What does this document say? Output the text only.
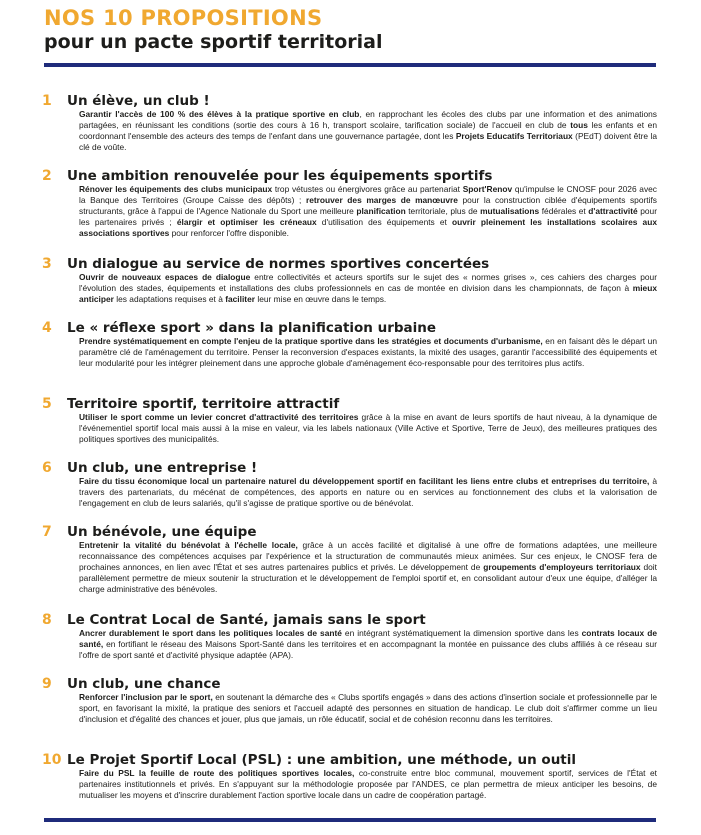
NOS 10 PROPOSITIONS
pour un pacte sportif territorial
1	Un élève, un club !

Garantir l'accès de 100 % des élèves à la pratique sportive en club, en rapprochant les écoles des clubs par une information et des animations partagées, en réunissant les conditions (sortie des cours à 16 h, transport scolaire, tarification sociale) de l'accueil en club de tous les enfants et en coordonnant l'ensemble des acteurs des temps de l'enfant dans une gouvernance partagée, dont les Projets Educatifs Territoriaux (PEdT) doivent être la clé de voûte.

2	Une ambition renouvelée pour les équipements sportifs

Rénover les équipements des clubs municipaux trop vétustes ou énergivores grâce au partenariat Sport'Renov qu'impulse le CNOSF pour 2026 avec la Banque des Territoires (Groupe Caisse des dépôts) ; retrouver des marges de manœuvre pour la construction ciblée d'équipements sportifs structurants, grâce à l'appui de l'Agence Nationale du Sport une meilleure planification territoriale, plus de mutualisations fédérales et d'attractivité pour les partenaires privés ; élargir et optimiser les créneaux d'utilisation des équipements et ouvrir pleinement les installations scolaires aux associations sportives pour renforcer l'offre disponible.

3	Un dialogue au service de normes sportives concertées

Ouvrir de nouveaux espaces de dialogue entre collectivités et acteurs sportifs sur le sujet des « normes grises », ces cahiers des charges pour l'évolution des stades, équipements et installations des clubs professionnels en cas de montée en division dans les championnats, de façon à mieux anticiper les adaptations requises et à faciliter leur mise en œuvre dans le temps.

4	Le « réflexe sport » dans la planification urbaine

Prendre systématiquement en compte l'enjeu de la pratique sportive dans les stratégies et documents d'urbanisme, en en faisant dès le départ un paramètre clé de l'aménagement du territoire. Penser la reconversion d'espaces existants, la mixité des usages, garantir l'accessibilité des équipements et leur modularité pour les intégrer pleinement dans une approche globale d'aménagement éco-responsable pour des territoires plus actifs.

5	Territoire sportif, territoire attractif

Utiliser le sport comme un levier concret d'attractivité des territoires grâce à la mise en avant de leurs sportifs de haut niveau, à la dynamique de l'événementiel sportif local mais aussi à la mise en valeur, via les labels nationaux (Ville Active et Sportive, Terre de Jeux), des meilleures pratiques des politiques sportives des municipalités.

6	Un club, une entreprise !

Faire du tissu économique local un partenaire naturel du développement sportif en facilitant les liens entre clubs et entreprises du territoire, à travers des partenariats, du mécénat de compétences, des apports en nature ou en services au fonctionnement des clubs et la valorisation de l'engagement en club de leurs salariés, qu'il s'agisse de pratique sportive ou de bénévolat.

7	Un bénévole, une équipe

Entretenir la vitalité du bénévolat à l'échelle locale, grâce à un accès facilité et digitalisé à une offre de formations adaptées, une meilleure reconnaissance des compétences acquises par l'expérience et la structuration de communautés mieux animées. Sur ces enjeux, le CNOSF fera de prochaines annonces, en lien avec l'État et ses autres partenaires publics et privés. Le développement de groupements d'employeurs territoriaux doit parallèlement permettre de mieux soutenir la structuration et le développement de l'emploi sportif et, en consolidant autour d'eux une équipe, d'alléger la charge administrative des bénévoles.

8	Le Contrat Local de Santé, jamais sans le sport

Ancrer durablement le sport dans les politiques locales de santé en intégrant systématiquement la dimension sportive dans les contrats locaux de santé, en fortifiant le réseau des Maisons Sport-Santé dans les territoires et en accompagnant la montée en puissance des clubs affiliés à ce réseau sur l'offre de sport santé et d'activité physique adaptée (APA).

9	Un club, une chance

Renforcer l'inclusion par le sport, en soutenant la démarche des « Clubs sportifs engagés » dans des actions d'insertion sociale et professionnelle par le sport, en favorisant la mixité, la pratique des seniors et l'accueil adapté des personnes en situation de handicap. Le club doit s'affirmer comme un lieu d'inclusion et d'égalité des chances et jouer, plus que jamais, un rôle éducatif, social et de cohésion reconnu dans les territoires.

10 Le Projet Sportif Local (PSL) : une ambition, une méthode, un outil

Faire du PSL la feuille de route des politiques sportives locales, co-construite entre bloc communal, mouvement sportif, services de l'État et partenaires institutionnels et privés. En s'appuyant sur la méthodologie proposée par l'ANDES, ce plan permettra de mieux anticiper les besoins, de mutualiser les moyens et d'inscrire durablement l'action sportive locale dans un cadre de coopération partagé.
